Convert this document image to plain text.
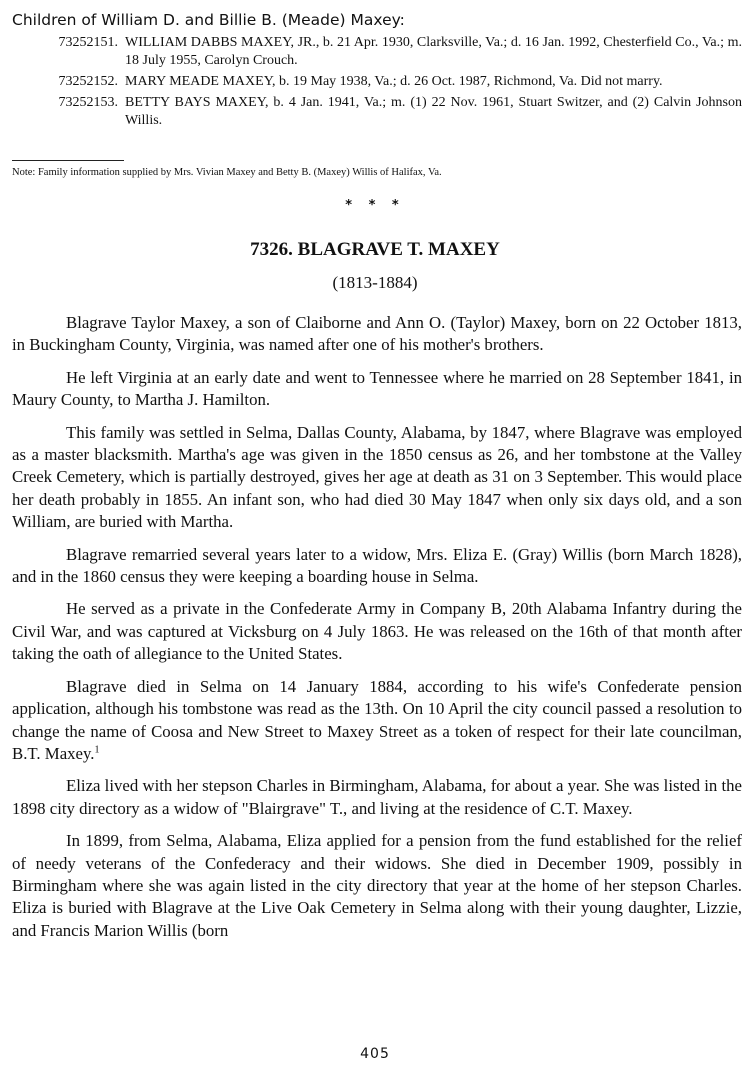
Children of William D. and Billie B. (Meade) Maxey:
73252151. WILLIAM DABBS MAXEY, JR., b. 21 Apr. 1930, Clarksville, Va.; d. 16 Jan. 1992, Chesterfield Co., Va.; m. 18 July 1955, Carolyn Crouch.
73252152. MARY MEADE MAXEY, b. 19 May 1938, Va.; d. 26 Oct. 1987, Richmond, Va. Did not marry.
73252153. BETTY BAYS MAXEY, b. 4 Jan. 1941, Va.; m. (1) 22 Nov. 1961, Stuart Switzer, and (2) Calvin Johnson Willis.
Note: Family information supplied by Mrs. Vivian Maxey and Betty B. (Maxey) Willis of Halifax, Va.
* * *
7326. BLAGRAVE T. MAXEY
(1813-1884)

Blagrave Taylor Maxey, a son of Claiborne and Ann O. (Taylor) Maxey, born on 22 October 1813, in Buckingham County, Virginia, was named after one of his mother's brothers.

He left Virginia at an early date and went to Tennessee where he married on 28 September 1841, in Maury County, to Martha J. Hamilton.

This family was settled in Selma, Dallas County, Alabama, by 1847, where Blagrave was employed as a master blacksmith. Martha's age was given in the 1850 census as 26, and her tombstone at the Valley Creek Cemetery, which is partially destroyed, gives her age at death as 31 on 3 September. This would place her death probably in 1855. An infant son, who had died 30 May 1847 when only six days old, and a son William, are buried with Martha.

Blagrave remarried several years later to a widow, Mrs. Eliza E. (Gray) Willis (born March 1828), and in the 1860 census they were keeping a boarding house in Selma.

He served as a private in the Confederate Army in Company B, 20th Alabama Infantry during the Civil War, and was captured at Vicksburg on 4 July 1863. He was released on the 16th of that month after taking the oath of allegiance to the United States.

Blagrave died in Selma on 14 January 1884, according to his wife's Confederate pension application, although his tombstone was read as the 13th. On 10 April the city council passed a resolution to change the name of Coosa and New Street to Maxey Street as a token of respect for their late councilman, B.T. Maxey.$^1$

Eliza lived with her stepson Charles in Birmingham, Alabama, for about a year. She was listed in the 1898 city directory as a widow of "Blairgrave" T., and living at the residence of C.T. Maxey.

In 1899, from Selma, Alabama, Eliza applied for a pension from the fund established for the relief of needy veterans of the Confederacy and their widows. She died in December 1909, possibly in Birmingham where she was again listed in the city directory that year at the home of her stepson Charles. Eliza is buried with Blagrave at the Live Oak Cemetery in Selma along with their young daughter, Lizzie, and Francis Marion Willis (born

405
